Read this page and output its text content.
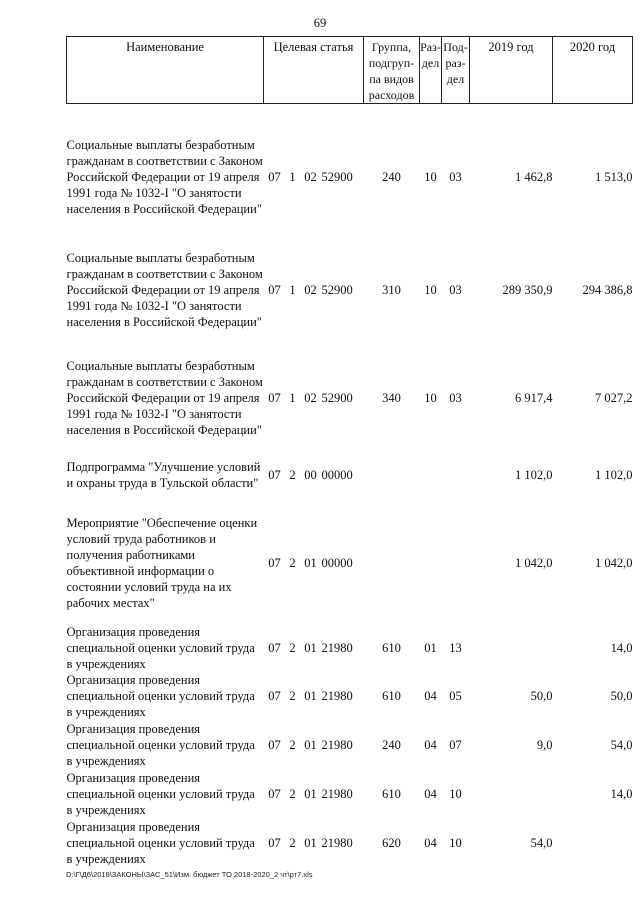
69
Наименование	Целевая статья	Группа, подгруп-па видов расходов	Раз-дел	Под-раз-дел	2019 год	2020 год
Социальные выплаты безработным гражданам в соответствии с Законом Российской Федерации от 19 апреля 1991 года № 1032-I "О занятости населения в Российской Федерации"	07 1 02 52900	240	10	03	1 462,8	1 513,0
Социальные выплаты безработным гражданам в соответствии с Законом Российской Федерации от 19 апреля 1991 года № 1032-I "О занятости населения в Российской Федерации"	07 1 02 52900	310	10	03	289 350,9	294 386,8
Социальные выплаты безработным гражданам в соответствии с Законом Российской Федерации от 19 апреля 1991 года № 1032-I "О занятости населения в Российской Федерации"	07 1 02 52900	340	10	03	6 917,4	7 027,2
Подпрограмма "Улучшение условий и охраны труда в Тульской области"	07 2 00 00000				1 102,0	1 102,0
Мероприятие "Обеспечение оценки условий труда работников и получения работниками объективной информации о состоянии условий труда на их рабочих местах"	07 2 01 00000				1 042,0	1 042,0
Организация проведения специальной оценки условий труда в учреждениях	07 2 01 21980	610	01	13		14,0
Организация проведения специальной оценки условий труда в учреждениях	07 2 01 21980	610	04	05	50,0	50,0
Организация проведения специальной оценки условий труда в учреждениях	07 2 01 21980	240	04	07	9,0	54,0
Организация проведения специальной оценки условий труда в учреждениях	07 2 01 21980	610	04	10		14,0
Организация проведения специальной оценки условий труда в учреждениях	07 2 01 21980	620	04	10	54,0	
D:\Г\Д6\2018\ЗАКОНЫ\ЗАС_51\Изм. бюджет ТО 2018-2020_2 чт\рт7.xls
